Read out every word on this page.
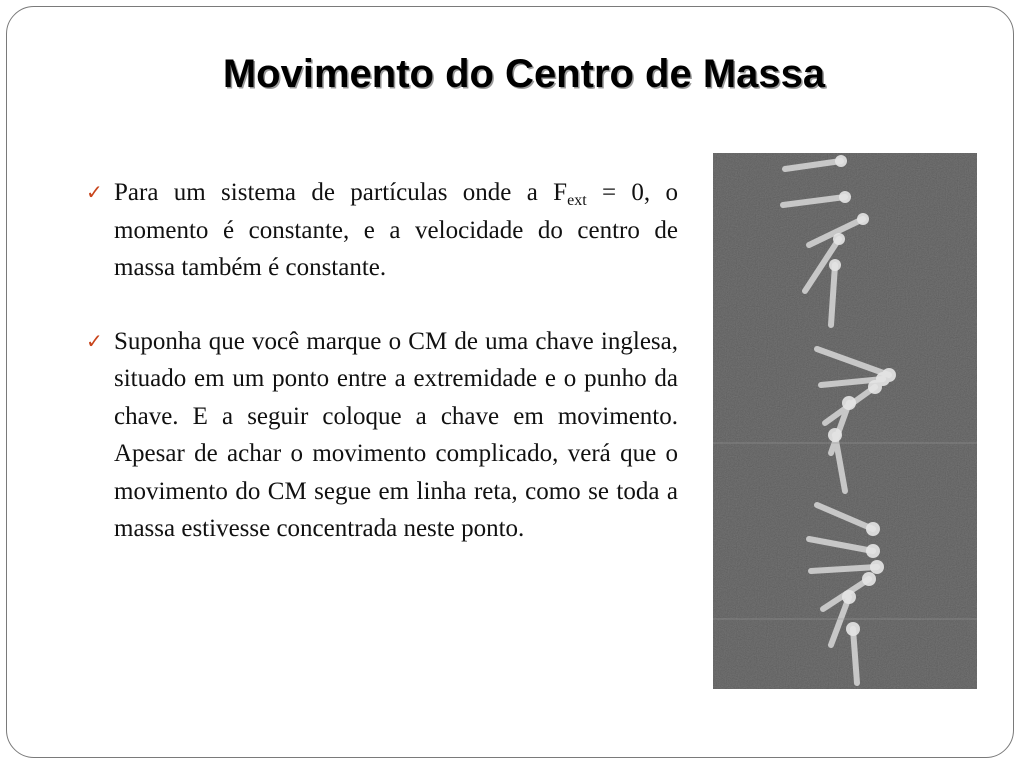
Movimento do Centro de Massa
✓ Para um sistema de partículas onde a $F_{ext} = 0$, o momento é constante, e a velocidade do centro de massa também é constante.
✓ Suponha que você marque o CM de uma chave inglesa, situado em um ponto entre a extremidade e o punho da chave. E a seguir coloque a chave em movimento. Apesar de achar o movimento complicado, verá que o movimento do CM segue em linha reta, como se toda a massa estivesse concentrada neste ponto.
